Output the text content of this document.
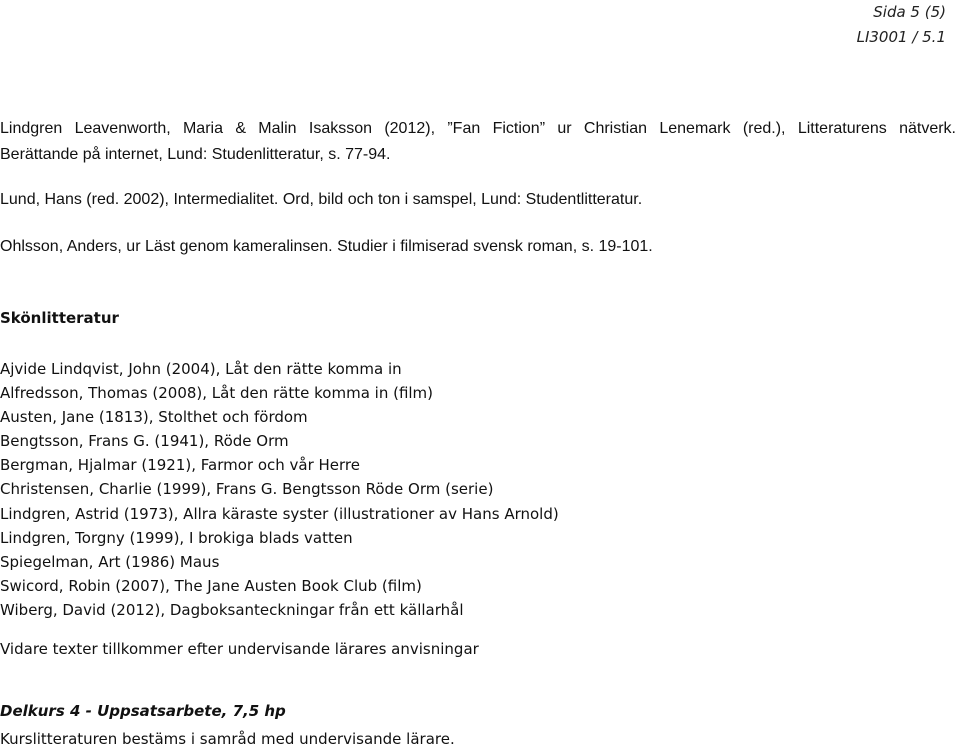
Sida 5 (5)
LI3001 / 5.1
Lindgren Leavenworth, Maria & Malin Isaksson (2012), ”Fan Fiction” ur Christian Lenemark (red.), Litteraturens nätverk.
Berättande på internet, Lund: Studenlitteratur, s. 77-94.
Lund, Hans (red. 2002), Intermedialitet. Ord, bild och ton i samspel, Lund: Studentlitteratur.
Ohlsson, Anders, ur Läst genom kameralinsen. Studier i filmiserad svensk roman, s. 19-101.
Skönlitteratur
Ajvide Lindqvist, John (2004), Låt den rätte komma in
Alfredsson, Thomas (2008), Låt den rätte komma in (film)
Austen, Jane (1813), Stolthet och fördom
Bengtsson, Frans G. (1941), Röde Orm
Bergman, Hjalmar (1921), Farmor och vår Herre
Christensen, Charlie (1999), Frans G. Bengtsson Röde Orm (serie)
Lindgren, Astrid (1973), Allra käraste syster (illustrationer av Hans Arnold)
Lindgren, Torgny (1999), I brokiga blads vatten
Spiegelman, Art (1986) Maus
Swicord, Robin (2007), The Jane Austen Book Club (film)
Wiberg, David (2012), Dagboksanteckningar från ett källarhål
Vidare texter tillkommer efter undervisande lärares anvisningar
Delkurs 4 - Uppsatsarbete, 7,5 hp
Kurslitteraturen bestäms i samråd med undervisande lärare.
